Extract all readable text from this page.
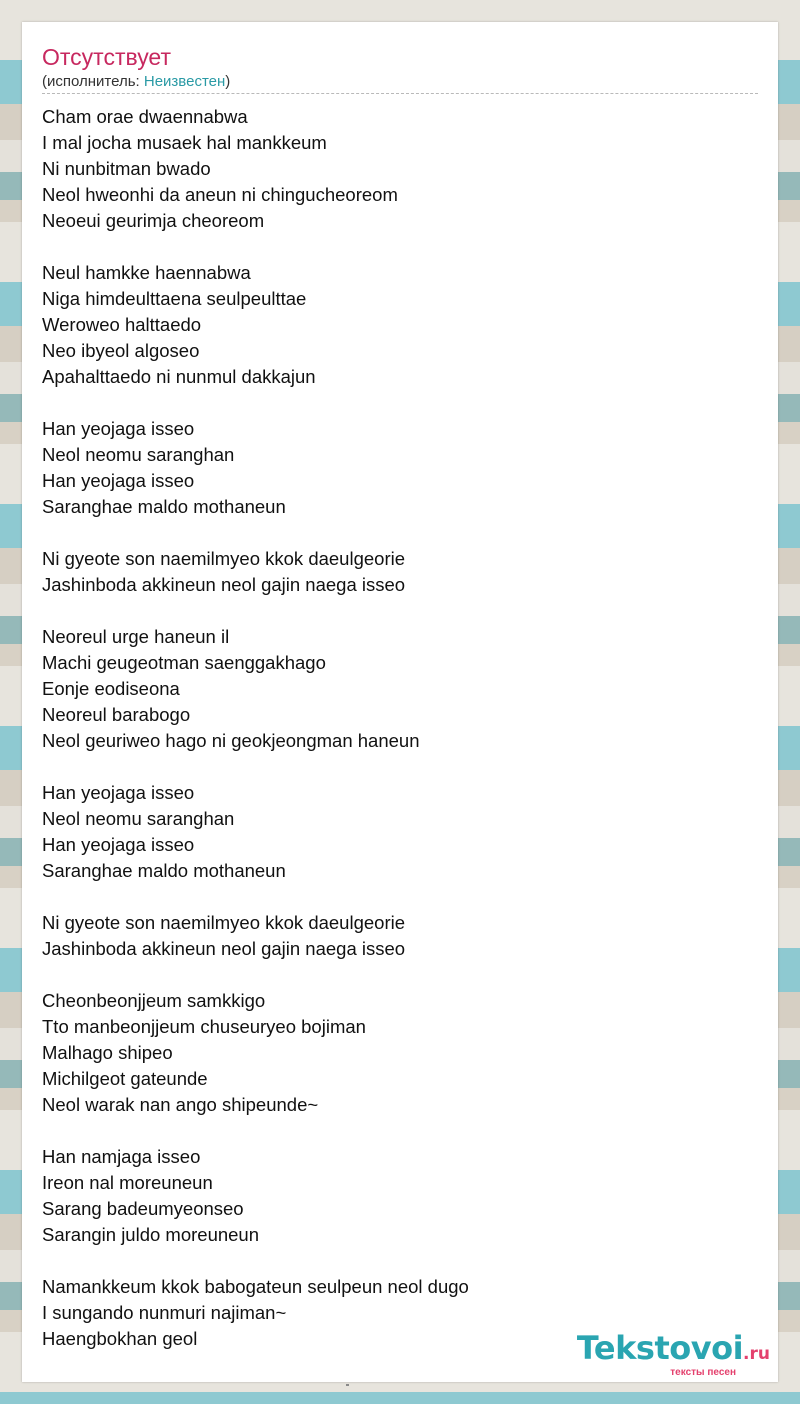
Отсутствует
(исполнитель: Неизвестен)
Cham orae dwaennabwa
I mal jocha musaek hal mankkeum
Ni nunbitman bwado
Neol hweonhi da aneun ni chingucheoreom
Neoeui geurimja cheoreom
Neul hamkke haennabwa
Niga himdeulttaena seulpeulttae
Weroweo halttaedo
Neo ibyeol algoseo
Apahalttaedo ni nunmul dakkajun
Han yeojaga isseo
Neol neomu saranghan
Han yeojaga isseo
Saranghae maldo mothaneun
Ni gyeote son naemilmyeo kkok daeulgeorie
Jashinboda akkineun neol gajin naega isseo
Neoreul urge haneun il
Machi geugeotman saenggakhago
Eonje eodiseona
Neoreul barabogo
Neol geuriweo hago ni geokjeongman haneun
Han yeojaga isseo
Neol neomu saranghan
Han yeojaga isseo
Saranghae maldo mothaneun
Ni gyeote son naemilmyeo kkok daeulgeorie
Jashinboda akkineun neol gajin naega isseo
Cheonbeonjjeum samkkigo
Tto manbeonjjeum chuseuryeo bojiman
Malhago shipeo
Michilgeot gateunde
Neol warak nan ango shipeunde~
Han namjaga isseo
Ireon nal moreuneun
Sarang badeumyeonseo
Sarangin juldo moreuneun
Namankkeum kkok babogateun seulpeun neol dugo
I sungando nunmuri najiman~
Haengbokhan geol	Tekstovoi.ru
тексты песен
